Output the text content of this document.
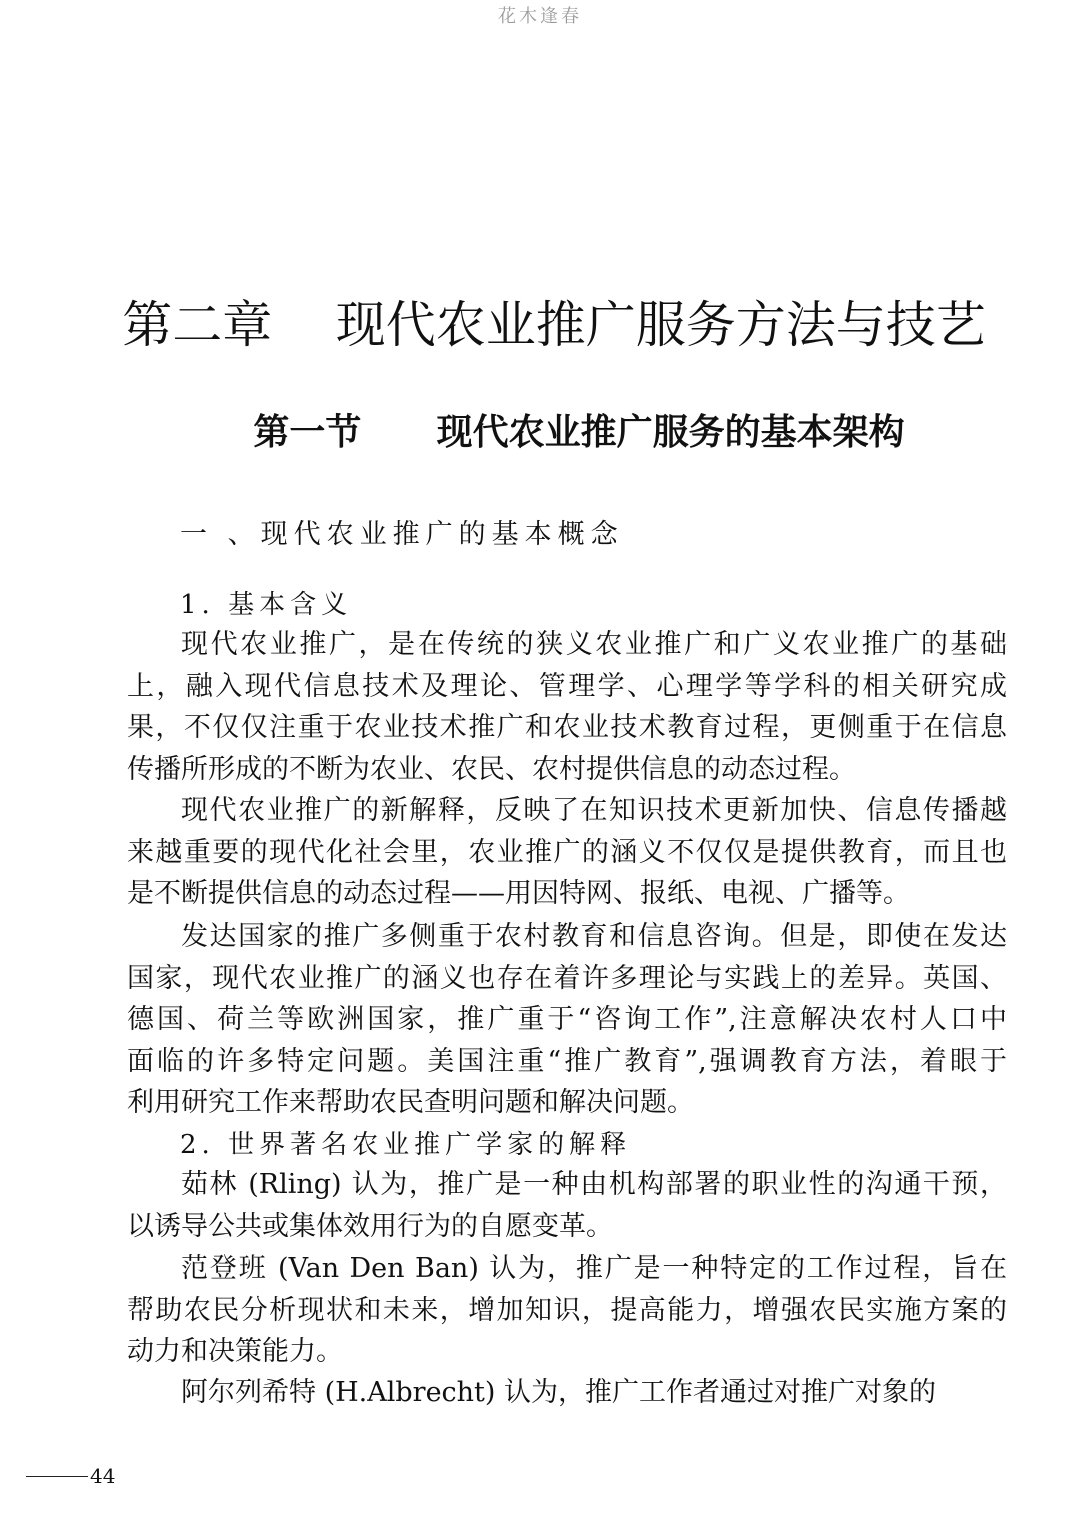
花木逢春
第二章    现代农业推广服务方法与技艺
第一节      现代农业推广服务的基本架构
一 、现代农业推广的基本概念
1. 基本含义
现代农业推广，是在传统的狭义农业推广和广义农业推广的基础
上，融入现代信息技术及理论、管理学、心理学等学科的相关研究成
果，不仅仅注重于农业技术推广和农业技术教育过程，更侧重于在信息
传播所形成的不断为农业、农民、农村提供信息的动态过程。
现代农业推广的新解释，反映了在知识技术更新加快、信息传播越
来越重要的现代化社会里，农业推广的涵义不仅仅是提供教育，而且也
是不断提供信息的动态过程——用因特网、报纸、电视、广播等。
发达国家的推广多侧重于农村教育和信息咨询。但是，即使在发达
国家，现代农业推广的涵义也存在着许多理论与实践上的差异。英国、
德国、荷兰等欧洲国家，推广重于“咨询工作”,注意解决农村人口中
面临的许多特定问题。美国注重“推广教育”,强调教育方法，着眼于
利用研究工作来帮助农民查明问题和解决问题。
2. 世界著名农业推广学家的解释
茹林 (Rling) 认为，推广是一种由机构部署的职业性的沟通干预，
以诱导公共或集体效用行为的自愿变革。
范登班 (Van Den Ban) 认为，推广是一种特定的工作过程，旨在
帮助农民分析现状和未来，增加知识，提高能力，增强农民实施方案的
动力和决策能力。
阿尔列希特 (H.Albrecht) 认为，推广工作者通过对推广对象的
44
